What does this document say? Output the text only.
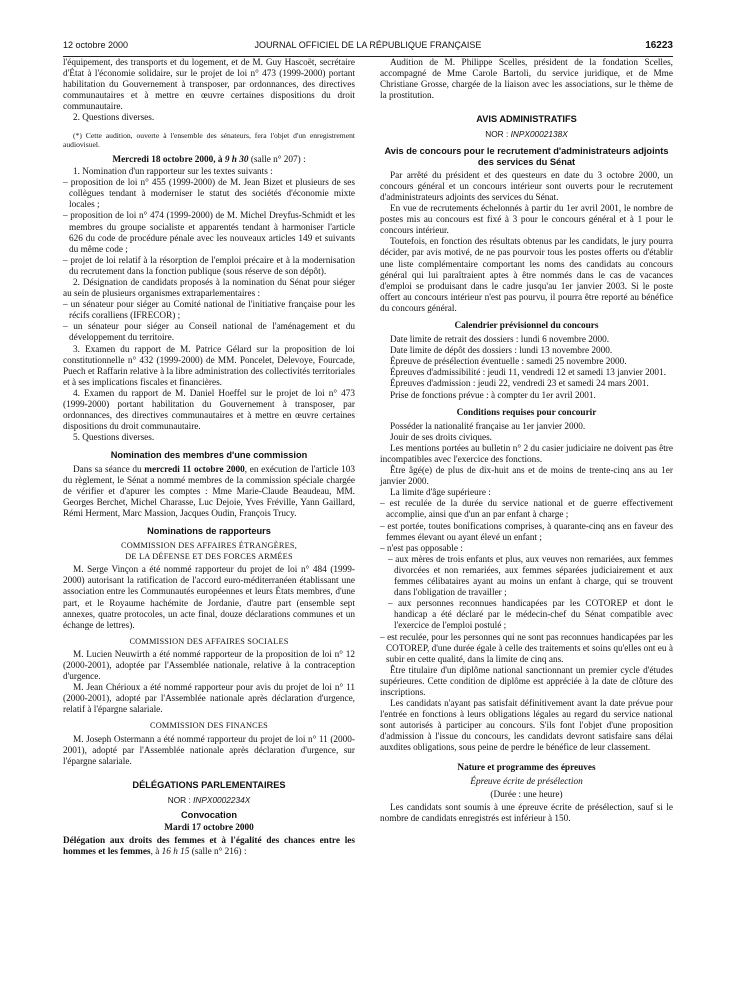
12 octobre 2000	JOURNAL OFFICIEL DE LA RÉPUBLIQUE FRANÇAISE	16223

l'équipement, des transports et du logement, et de M. Guy Hascoët, secrétaire d'État à l'économie solidaire, sur le projet de loi n° 473 (1999-2000) portant habilitation du Gouvernement à transposer, par ordonnances, des directives communautaires et à mettre en œuvre certaines dispositions du droit communautaire.

2. Questions diverses.

(*) Cette audition, ouverte à l'ensemble des sénateurs, fera l'objet d'un enregistrement audiovisuel.

Mercredi 18 octobre 2000, à 9 h 30 (salle n° 207) :

1. Nomination d'un rapporteur sur les textes suivants :

– proposition de loi n° 455 (1999-2000) de M. Jean Bizet et plusieurs de ses collègues tendant à moderniser le statut des sociétés d'économie mixte locales ;

– proposition de loi n° 474 (1999-2000) de M. Michel Dreyfus-Schmidt et les membres du groupe socialiste et apparentés tendant à harmoniser l'article 626 du code de procédure pénale avec les nouveaux articles 149 et suivants du même code ;

– projet de loi relatif à la résorption de l'emploi précaire et à la modernisation du recrutement dans la fonction publique (sous réserve de son dépôt).

2. Désignation de candidats proposés à la nomination du Sénat pour siéger au sein de plusieurs organismes extraparlementaires :

– un sénateur pour siéger au Comité national de l'initiative française pour les récifs coralliens (IFRECOR) ;

– un sénateur pour siéger au Conseil national de l'aménagement et du développement du territoire.

3. Examen du rapport de M. Patrice Gélard sur la proposition de loi constitutionnelle n° 432 (1999-2000) de MM. Poncelet, Delevoye, Fourcade, Puech et Raffarin relative à la libre administration des collectivités territoriales et à ses implications fiscales et financières.

4. Examen du rapport de M. Daniel Hoeffel sur le projet de loi n° 473 (1999-2000) portant habilitation du Gouvernement à transposer, par ordonnances, des directives communautaires et à mettre en œuvre certaines dispositions du droit communautaire.

5. Questions diverses.

Nomination des membres d'une commission

Dans sa séance du mercredi 11 octobre 2000, en exécution de l'article 103 du règlement, le Sénat a nommé membres de la commission spéciale chargée de vérifier et d'apurer les comptes : Mme Marie-Claude Beaudeau, MM. Georges Berchet, Michel Charasse, Luc Dejoie, Yves Fréville, Yann Gaillard, Rémi Herment, Marc Massion, Jacques Oudin, François Trucy.

Nominations de rapporteurs

COMMISSION DES AFFAIRES ÉTRANGÈRES,

DE LA DÉFENSE ET DES FORCES ARMÉES

M. Serge Vinçon a été nommé rapporteur du projet de loi n° 484 (1999-2000) autorisant la ratification de l'accord euro-méditerranéen établissant une association entre les Communautés européennes et leurs États membres, d'une part, et le Royaume hachémite de Jordanie, d'autre part (ensemble sept annexes, quatre protocoles, un acte final, douze déclarations communes et un échange de lettres).

COMMISSION DES AFFAIRES SOCIALES

M. Lucien Neuwirth a été nommé rapporteur de la proposition de loi n° 12 (2000-2001), adoptée par l'Assemblée nationale, relative à la contraception d'urgence.

M. Jean Chérioux a été nommé rapporteur pour avis du projet de loi n° 11 (2000-2001), adopté par l'Assemblée nationale après déclaration d'urgence, relatif à l'épargne salariale.

COMMISSION DES FINANCES

M. Joseph Ostermann a été nommé rapporteur du projet de loi n° 11 (2000-2001), adopté par l'Assemblée nationale après déclaration d'urgence, sur l'épargne salariale.

DÉLÉGATIONS PARLEMENTAIRES

NOR : INPX0002234X

Convocation

Mardi 17 octobre 2000

Délégation aux droits des femmes et à l'égalité des chances entre les hommes et les femmes, à 16 h 15 (salle n° 216) :

Audition de M. Philippe Scelles, président de la fondation Scelles, accompagné de Mme Carole Bartoli, du service juridique, et de Mme Christiane Grosse, chargée de la liaison avec les associations, sur le thème de la prostitution.

AVIS ADMINISTRATIFS

NOR : INPX0002138X

Avis de concours pour le recrutement d'administrateurs adjoints des services du Sénat

Par arrêté du président et des questeurs en date du 3 octobre 2000, un concours général et un concours intérieur sont ouverts pour le recrutement d'administrateurs adjoints des services du Sénat.

En vue de recrutements échelonnés à partir du 1er avril 2001, le nombre de postes mis au concours est fixé à 3 pour le concours général et à 1 pour le concours intérieur.

Toutefois, en fonction des résultats obtenus par les candidats, le jury pourra décider, par avis motivé, de ne pas pourvoir tous les postes offerts ou d'établir une liste complémentaire comportant les noms des candidats au concours général qui lui paraîtraient aptes à être nommés dans le cas de vacances d'emploi se produisant dans le cadre jusqu'au 1er janvier 2003. Si le poste offert au concours intérieur n'est pas pourvu, il pourra être reporté au bénéfice du concours général.

Calendrier prévisionnel du concours

Date limite de retrait des dossiers : lundi 6 novembre 2000.

Date limite de dépôt des dossiers : lundi 13 novembre 2000.

Épreuve de présélection éventuelle : samedi 25 novembre 2000.

Épreuves d'admissibilité : jeudi 11, vendredi 12 et samedi 13 janvier 2001.

Épreuves d'admission : jeudi 22, vendredi 23 et samedi 24 mars 2001.

Prise de fonctions prévue : à compter du 1er avril 2001.

Conditions requises pour concourir

Posséder la nationalité française au 1er janvier 2000.

Jouir de ses droits civiques.

Les mentions portées au bulletin n° 2 du casier judiciaire ne doivent pas être incompatibles avec l'exercice des fonctions.

Être âgé(e) de plus de dix-huit ans et de moins de trente-cinq ans au 1er janvier 2000.

La limite d'âge supérieure :

– est reculée de la durée du service national et de guerre effectivement accomplie, ainsi que d'un an par enfant à charge ;

– est portée, toutes bonifications comprises, à quarante-cinq ans en faveur des femmes élevant ou ayant élevé un enfant ;

– n'est pas opposable :

– aux mères de trois enfants et plus, aux veuves non remariées, aux femmes divorcées et non remariées, aux femmes séparées judiciairement et aux femmes célibataires ayant au moins un enfant à charge, qui se trouvent dans l'obligation de travailler ;

– aux personnes reconnues handicapées par les COTOREP et dont le handicap a été déclaré par le médecin-chef du Sénat compatible avec l'exercice de l'emploi postulé ;

– est reculée, pour les personnes qui ne sont pas reconnues handicapées par les COTOREP, d'une durée égale à celle des traitements et soins qu'elles ont eu à subir en cette qualité, dans la limite de cinq ans.

Être titulaire d'un diplôme national sanctionnant un premier cycle d'études supérieures. Cette condition de diplôme est appréciée à la date de clôture des inscriptions.

Les candidats n'ayant pas satisfait définitivement avant la date prévue pour l'entrée en fonctions à leurs obligations légales au regard du service national sont autorisés à participer au concours. S'ils font l'objet d'une proposition d'admission à l'issue du concours, les candidats devront satisfaire sans délai auxdites obligations, sous peine de perdre le bénéfice de leur classement.

Nature et programme des épreuves

Épreuve écrite de présélection

(Durée : une heure)

Les candidats sont soumis à une épreuve écrite de présélection, sauf si le nombre de candidats enregistrés est inférieur à 150.
